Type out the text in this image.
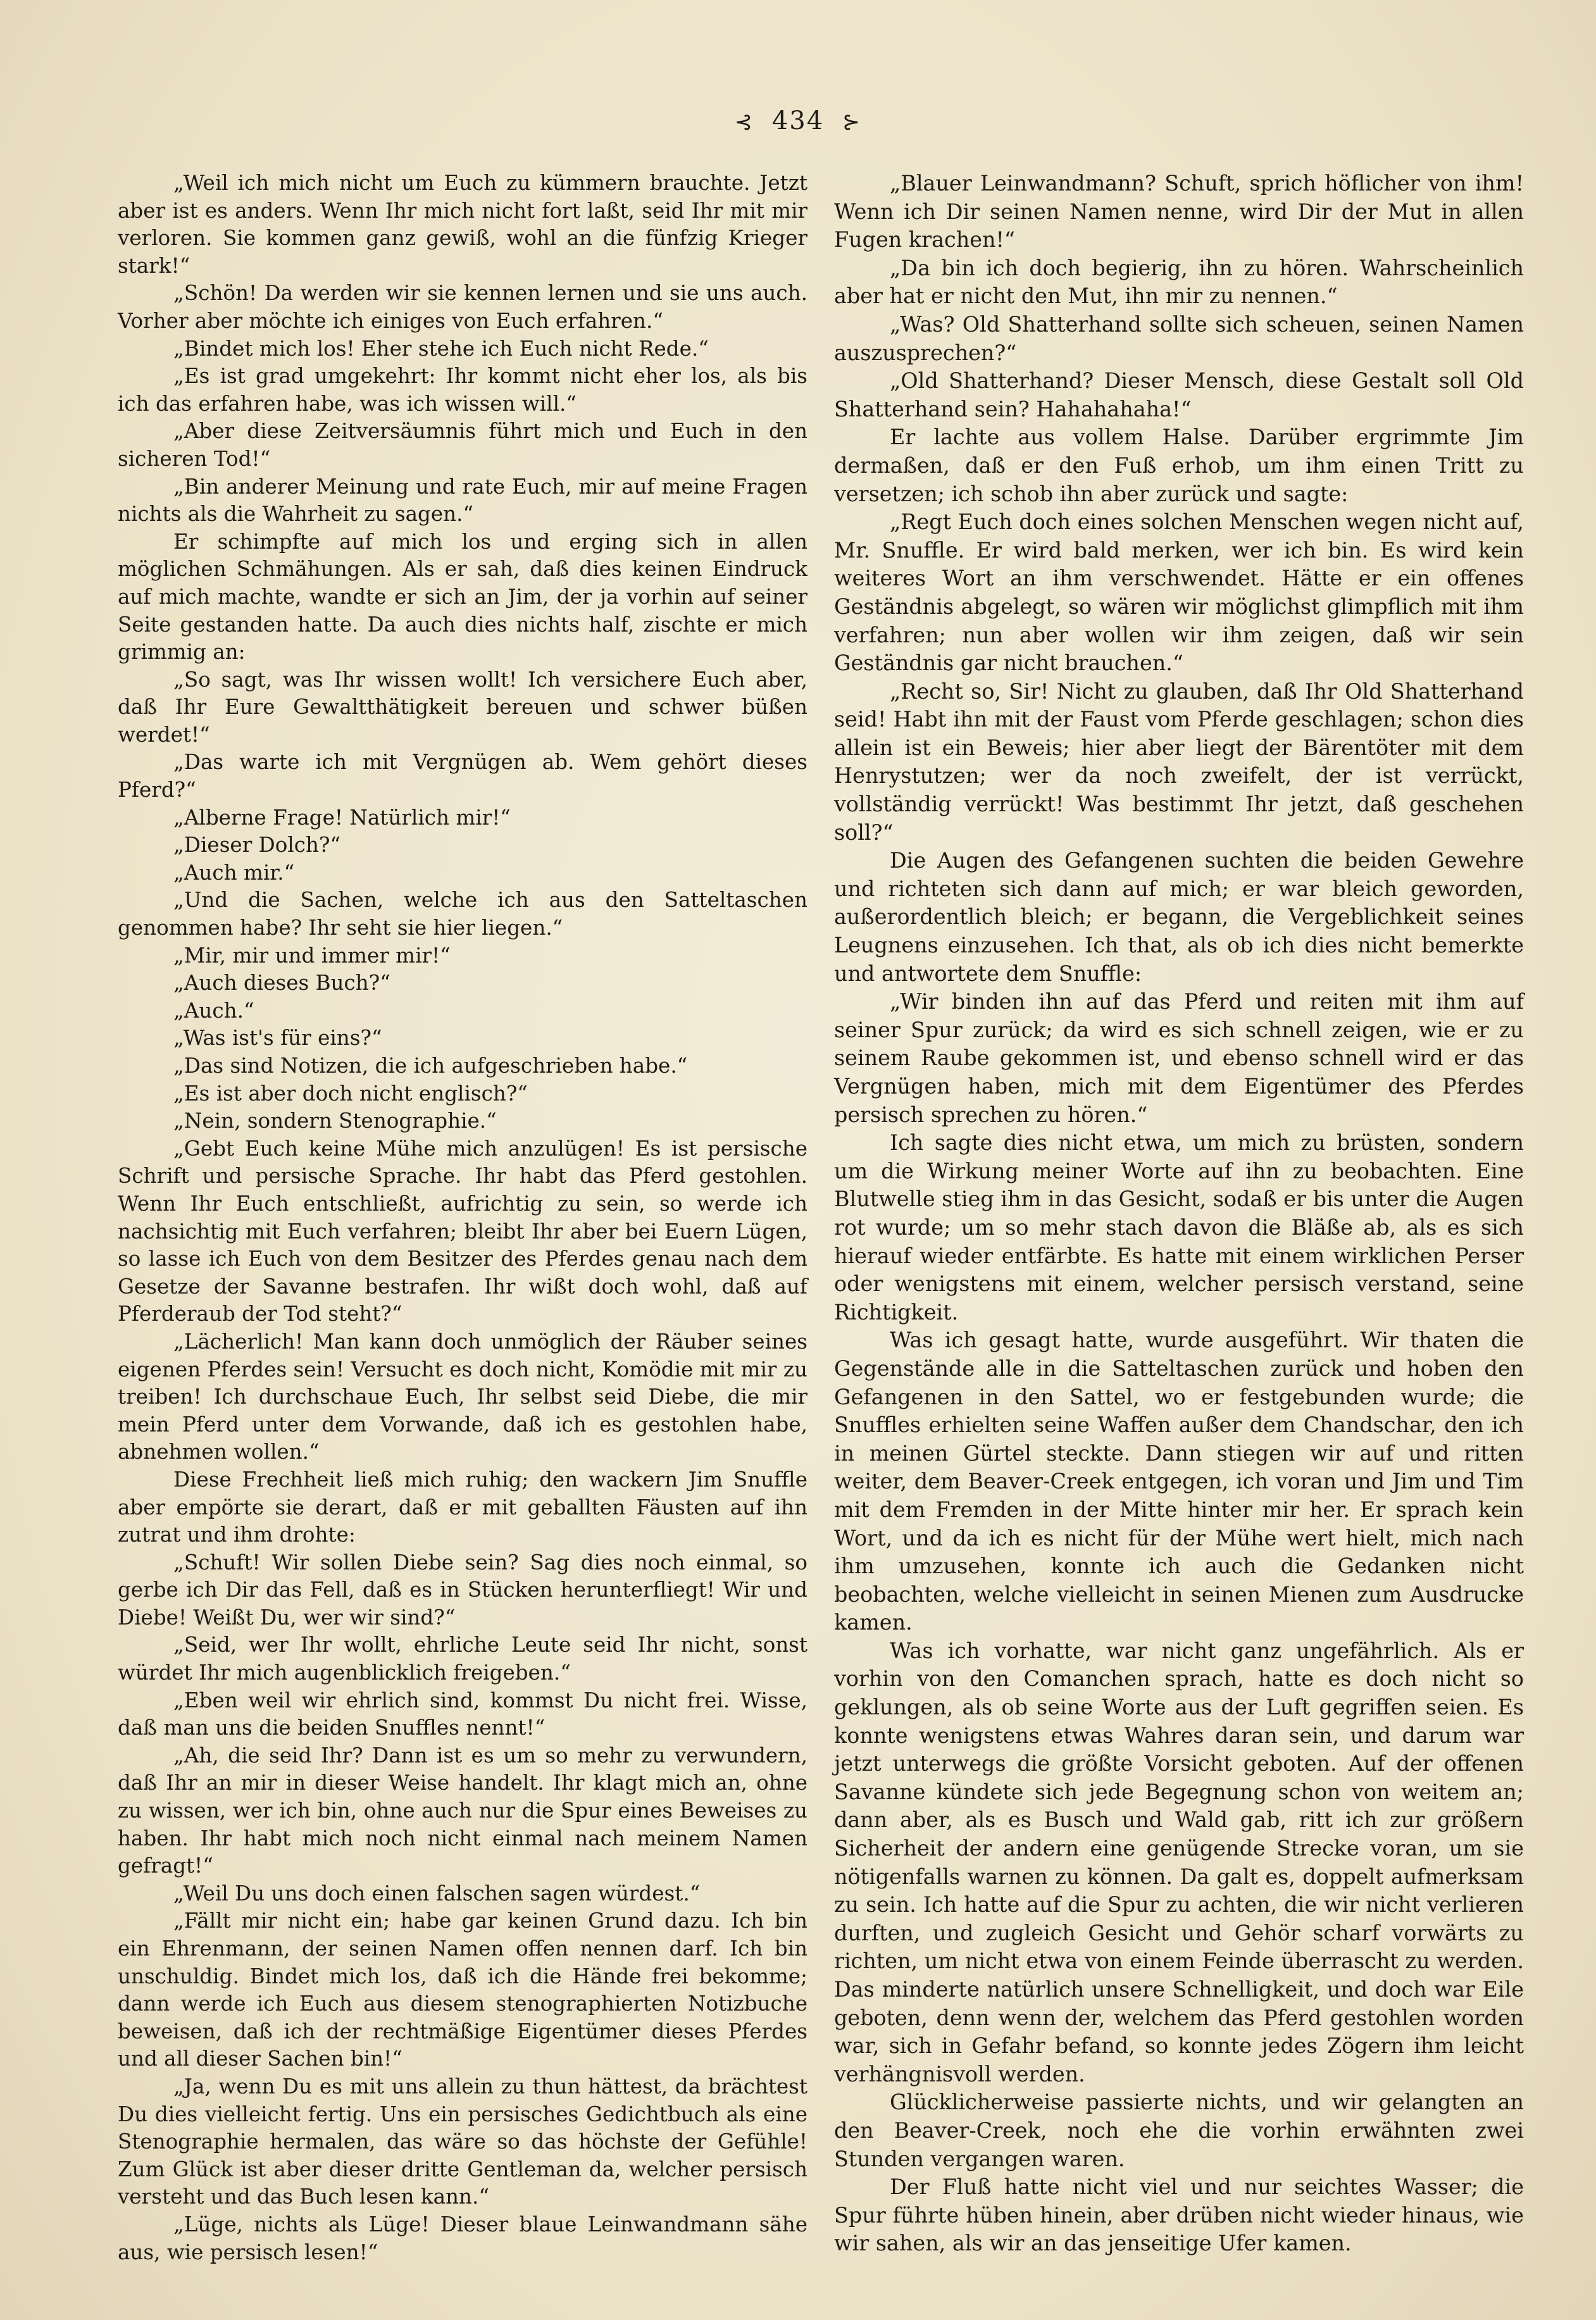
⊰ 434 ⊱

„Weil ich mich nicht um Euch zu kümmern brauchte. Jetzt aber ist es anders. Wenn Ihr mich nicht fort laßt, seid Ihr mit mir verloren. Sie kommen ganz gewiß, wohl an die fünfzig Krieger stark!“

„Schön! Da werden wir sie kennen lernen und sie uns auch. Vorher aber möchte ich einiges von Euch erfahren.“

„Bindet mich los! Eher stehe ich Euch nicht Rede.“

„Es ist grad umgekehrt: Ihr kommt nicht eher los, als bis ich das erfahren habe, was ich wissen will.“

„Aber diese Zeitversäumnis führt mich und Euch in den sicheren Tod!“

„Bin anderer Meinung und rate Euch, mir auf meine Fragen nichts als die Wahrheit zu sagen.“

Er schimpfte auf mich los und erging sich in allen möglichen Schmähungen. Als er sah, daß dies keinen Eindruck auf mich machte, wandte er sich an Jim, der ja vorhin auf seiner Seite gestanden hatte. Da auch dies nichts half, zischte er mich grimmig an:

„So sagt, was Ihr wissen wollt! Ich versichere Euch aber, daß Ihr Eure Gewaltthätigkeit bereuen und schwer büßen werdet!“

„Das warte ich mit Vergnügen ab. Wem gehört dieses Pferd?“

„Alberne Frage! Natürlich mir!“

„Dieser Dolch?“

„Auch mir.“

„Und die Sachen, welche ich aus den Satteltaschen genommen habe? Ihr seht sie hier liegen.“

„Mir, mir und immer mir!“

„Auch dieses Buch?“

„Auch.“

„Was ist's für eins?“

„Das sind Notizen, die ich aufgeschrieben habe.“

„Es ist aber doch nicht englisch?“

„Nein, sondern Stenographie.“

„Gebt Euch keine Mühe mich anzulügen! Es ist persische Schrift und persische Sprache. Ihr habt das Pferd gestohlen. Wenn Ihr Euch entschließt, aufrichtig zu sein, so werde ich nachsichtig mit Euch verfahren; bleibt Ihr aber bei Euern Lügen, so lasse ich Euch von dem Besitzer des Pferdes genau nach dem Gesetze der Savanne bestrafen. Ihr wißt doch wohl, daß auf Pferderaub der Tod steht?“

„Lächerlich! Man kann doch unmöglich der Räuber seines eigenen Pferdes sein! Versucht es doch nicht, Komödie mit mir zu treiben! Ich durchschaue Euch, Ihr selbst seid Diebe, die mir mein Pferd unter dem Vorwande, daß ich es gestohlen habe, abnehmen wollen.“

Diese Frechheit ließ mich ruhig; den wackern Jim Snuffle aber empörte sie derart, daß er mit geballten Fäusten auf ihn zutrat und ihm drohte:

„Schuft! Wir sollen Diebe sein? Sag dies noch einmal, so gerbe ich Dir das Fell, daß es in Stücken herunterfliegt! Wir und Diebe! Weißt Du, wer wir sind?“

„Seid, wer Ihr wollt, ehrliche Leute seid Ihr nicht, sonst würdet Ihr mich augenblicklich freigeben.“

„Eben weil wir ehrlich sind, kommst Du nicht frei. Wisse, daß man uns die beiden Snuffles nennt!“

„Ah, die seid Ihr? Dann ist es um so mehr zu verwundern, daß Ihr an mir in dieser Weise handelt. Ihr klagt mich an, ohne zu wissen, wer ich bin, ohne auch nur die Spur eines Beweises zu haben. Ihr habt mich noch nicht einmal nach meinem Namen gefragt!“

„Weil Du uns doch einen falschen sagen würdest.“

„Fällt mir nicht ein; habe gar keinen Grund dazu. Ich bin ein Ehrenmann, der seinen Namen offen nennen darf. Ich bin unschuldig. Bindet mich los, daß ich die Hände frei bekomme; dann werde ich Euch aus diesem stenographierten Notizbuche beweisen, daß ich der rechtmäßige Eigentümer dieses Pferdes und all dieser Sachen bin!“

„Ja, wenn Du es mit uns allein zu thun hättest, da brächtest Du dies vielleicht fertig. Uns ein persisches Gedichtbuch als eine Stenographie hermalen, das wäre so das höchste der Gefühle! Zum Glück ist aber dieser dritte Gentleman da, welcher persisch versteht und das Buch lesen kann.“

„Lüge, nichts als Lüge! Dieser blaue Leinwandmann sähe aus, wie persisch lesen!“

„Blauer Leinwandmann? Schuft, sprich höflicher von ihm! Wenn ich Dir seinen Namen nenne, wird Dir der Mut in allen Fugen krachen!“

„Da bin ich doch begierig, ihn zu hören. Wahrscheinlich aber hat er nicht den Mut, ihn mir zu nennen.“

„Was? Old Shatterhand sollte sich scheuen, seinen Namen auszusprechen?“

„Old Shatterhand? Dieser Mensch, diese Gestalt soll Old Shatterhand sein? Hahahahaha!“

Er lachte aus vollem Halse. Darüber ergrimmte Jim dermaßen, daß er den Fuß erhob, um ihm einen Tritt zu versetzen; ich schob ihn aber zurück und sagte:

„Regt Euch doch eines solchen Menschen wegen nicht auf, Mr. Snuffle. Er wird bald merken, wer ich bin. Es wird kein weiteres Wort an ihm verschwendet. Hätte er ein offenes Geständnis abgelegt, so wären wir möglichst glimpflich mit ihm verfahren; nun aber wollen wir ihm zeigen, daß wir sein Geständnis gar nicht brauchen.“

„Recht so, Sir! Nicht zu glauben, daß Ihr Old Shatterhand seid! Habt ihn mit der Faust vom Pferde geschlagen; schon dies allein ist ein Beweis; hier aber liegt der Bärentöter mit dem Henrystutzen; wer da noch zweifelt, der ist verrückt, vollständig verrückt! Was bestimmt Ihr jetzt, daß geschehen soll?“

Die Augen des Gefangenen suchten die beiden Gewehre und richteten sich dann auf mich; er war bleich geworden, außerordentlich bleich; er begann, die Vergeblichkeit seines Leugnens einzusehen. Ich that, als ob ich dies nicht bemerkte und antwortete dem Snuffle:

„Wir binden ihn auf das Pferd und reiten mit ihm auf seiner Spur zurück; da wird es sich schnell zeigen, wie er zu seinem Raube gekommen ist, und ebenso schnell wird er das Vergnügen haben, mich mit dem Eigentümer des Pferdes persisch sprechen zu hören.“

Ich sagte dies nicht etwa, um mich zu brüsten, sondern um die Wirkung meiner Worte auf ihn zu beobachten. Eine Blutwelle stieg ihm in das Gesicht, sodaß er bis unter die Augen rot wurde; um so mehr stach davon die Bläße ab, als es sich hierauf wieder entfärbte. Es hatte mit einem wirklichen Perser oder wenigstens mit einem, welcher persisch verstand, seine Richtigkeit.

Was ich gesagt hatte, wurde ausgeführt. Wir thaten die Gegenstände alle in die Satteltaschen zurück und hoben den Gefangenen in den Sattel, wo er festgebunden wurde; die Snuffles erhielten seine Waffen außer dem Chandschar, den ich in meinen Gürtel steckte. Dann stiegen wir auf und ritten weiter, dem Beaver-Creek entgegen, ich voran und Jim und Tim mit dem Fremden in der Mitte hinter mir her. Er sprach kein Wort, und da ich es nicht für der Mühe wert hielt, mich nach ihm umzusehen, konnte ich auch die Gedanken nicht beobachten, welche vielleicht in seinen Mienen zum Ausdrucke kamen.

Was ich vorhatte, war nicht ganz ungefährlich. Als er vorhin von den Comanchen sprach, hatte es doch nicht so geklungen, als ob seine Worte aus der Luft gegriffen seien. Es konnte wenigstens etwas Wahres daran sein, und darum war jetzt unterwegs die größte Vorsicht geboten. Auf der offenen Savanne kündete sich jede Begegnung schon von weitem an; dann aber, als es Busch und Wald gab, ritt ich zur größern Sicherheit der andern eine genügende Strecke voran, um sie nötigenfalls warnen zu können. Da galt es, doppelt aufmerksam zu sein. Ich hatte auf die Spur zu achten, die wir nicht verlieren durften, und zugleich Gesicht und Gehör scharf vorwärts zu richten, um nicht etwa von einem Feinde überrascht zu werden. Das minderte natürlich unsere Schnelligkeit, und doch war Eile geboten, denn wenn der, welchem das Pferd gestohlen worden war, sich in Gefahr befand, so konnte jedes Zögern ihm leicht verhängnisvoll werden.

Glücklicherweise passierte nichts, und wir gelangten an den Beaver-Creek, noch ehe die vorhin erwähnten zwei Stunden vergangen waren.

Der Fluß hatte nicht viel und nur seichtes Wasser; die Spur führte hüben hinein, aber drüben nicht wieder hinaus, wie wir sahen, als wir an das jenseitige Ufer kamen.
